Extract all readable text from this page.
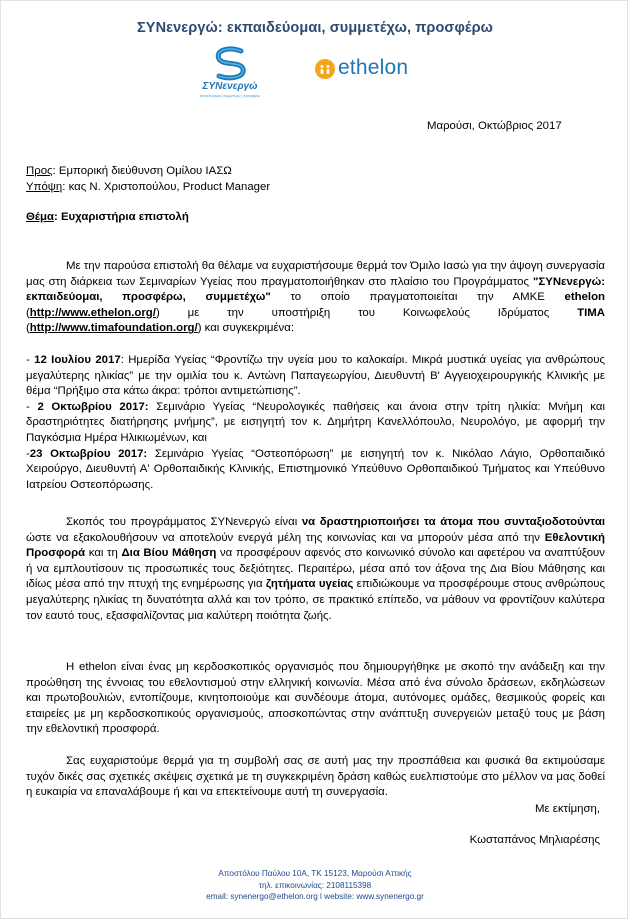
ΣΥΝενεργώ: εκπαιδεύομαι, συμμετέχω, προσφέρω
ΣΥΝενεργώ
εκπαιδεύομαι | συμμετέχω | προσφέρω
ethelon
Μαρούσι, Οκτώβριος 2017
Προς: Εμπορική διεύθυνση Ομίλου ΙΑΣΩ
Υπόψη: κας Ν. Χριστοπούλου, Product Manager
Θέμα: Ευχαριστήρια επιστολή
Με την παρούσα επιστολή θα θέλαμε να ευχαριστήσουμε θερμά τον Όμιλο Ιασώ για την άψογη συνεργασία μας στη διάρκεια των Σεμιναρίων Υγείας που πραγματοποιήθηκαν στο πλαίσιο του Προγράμματος "ΣΥΝενεργώ: εκπαιδεύομαι, προσφέρω, συμμετέχω" το οποίο πραγματοποιείται την ΑΜΚΕ ethelon (http://www.ethelon.org/) με την υποστήριξη του Κοινωφελούς Ιδρύματος ΤΙΜΑ (http://www.timafoundation.org/) και συγκεκριμένα:
- 12 Ιουλίου 2017: Ημερίδα Υγείας “Φροντίζω την υγεία μου το καλοκαίρι. Μικρά μυστικά υγείας για ανθρώπους μεγαλύτερης ηλικίας” με την ομιλία του κ. Αντώνη Παπαγεωργίου, Διευθυντή Β' Αγγειοχειρουργικής Κλινικής με θέμα “Πρήξιμο στα κάτω άκρα: τρόποι αντιμετώπισης”.
- 2 Οκτωβρίου 2017: Σεμινάριο Υγείας “Νευρολογικές παθήσεις και άνοια στην τρίτη ηλικία: Μνήμη και δραστηριότητες διατήρησης μνήμης”, με εισηγητή τον κ. Δημήτρη Κανελλόπουλο, Νευρολόγο, με αφορμή την Παγκόσμια Ημέρα Ηλικιωμένων, και
-23 Οκτωβρίου 2017: Σεμινάριο Υγείας “Οστεοπόρωση” με εισηγητή τον κ. Νικόλαο Λάγιο, Ορθοπαιδικό Χειρούργο, Διευθυντή Α' Ορθοπαιδικής Κλινικής, Επιστημονικό Υπεύθυνο Ορθοπαιδικού Τμήματος και Υπεύθυνο Ιατρείου Οστεοπόρωσης.
Σκοπός του προγράμματος ΣΥΝενεργώ είναι να δραστηριοποιήσει τα άτομα που συνταξιοδοτούνται ώστε να εξακολουθήσουν να αποτελούν ενεργά μέλη της κοινωνίας και να μπορούν μέσα από την Εθελοντική Προσφορά και τη Δια Βίου Μάθηση να προσφέρουν αφενός στο κοινωνικό σύνολο και αφετέρου να αναπτύξουν ή να εμπλουτίσουν τις προσωπικές τους δεξιότητες. Περαιτέρω, μέσα από τον άξονα της Δια Βίου Μάθησης και ιδίως μέσα από την πτυχή της ενημέρωσης για ζητήματα υγείας επιδιώκουμε να προσφέρουμε στους ανθρώπους μεγαλύτερης ηλικίας τη δυνατότητα αλλά και τον τρόπο, σε πρακτικό επίπεδο, να μάθουν να φροντίζουν καλύτερα τον εαυτό τους, εξασφαλίζοντας μια καλύτερη ποιότητα ζωής.
Η ethelon είναι ένας μη κερδοσκοπικός οργανισμός που δημιουργήθηκε με σκοπό την ανάδειξη και την προώθηση της έννοιας του εθελοντισμού στην ελληνική κοινωνία. Μέσα από ένα σύνολο δράσεων, εκδηλώσεων και πρωτοβουλιών, εντοπίζουμε, κινητοποιούμε και συνδέουμε άτομα, αυτόνομες ομάδες, θεσμικούς φορείς και εταιρείες με μη κερδοσκοπικούς οργανισμούς, αποσκοπώντας στην ανάπτυξη συνεργειών μεταξύ τους με βάση την εθελοντική προσφορά.
Σας ευχαριστούμε θερμά για τη συμβολή σας σε αυτή μας την προσπάθεια και φυσικά θα εκτιμούσαμε τυχόν δικές σας σχετικές σκέψεις σχετικά με τη συγκεκριμένη δράση καθώς ευελπιστούμε στο μέλλον να μας δοθεί η ευκαιρία να επαναλάβουμε ή και να επεκτείνουμε αυτή τη συνεργασία.
Με εκτίμηση,
Κωσταπάνος Μηλιαρέσης
Αποστόλου Παύλου 10Α, ΤΚ 15123, Μαρούσι Αττικής
τηλ. επικοινωνίας: 2108115398
email: synenergo@ethelon.org l website: www.synenergo.gr
